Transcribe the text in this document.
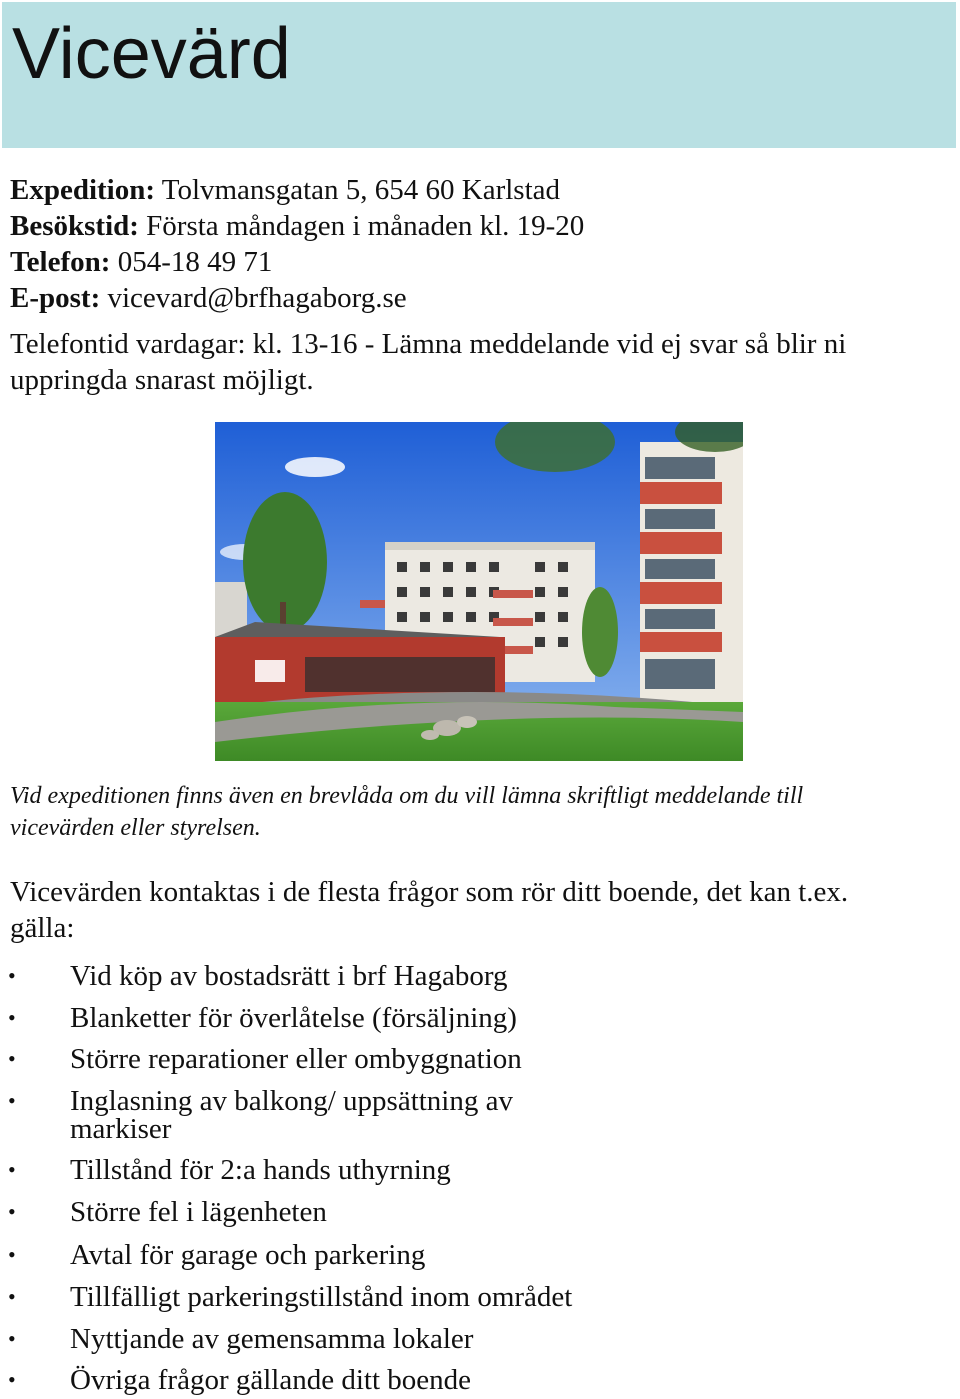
Vicevärd
Expedition: Tolvmansgatan 5, 654 60 Karlstad
Besökstid: Första måndagen i månaden kl. 19-20
Telefon: 054-18 49 71
E-post: vicevard@brfhagaborg.se
Telefontid vardagar: kl. 13-16 - Lämna meddelande vid ej svar så blir ni uppringda snarast möjligt.
Vid expeditionen finns även en brevlåda om du vill lämna skriftligt meddelande till vicevärden eller styrelsen.
Vicevärden kontaktas i de flesta frågor som rör ditt boende, det kan t.ex. gälla:
• Vid köp av bostadsrätt i brf Hagaborg
• Blanketter för överlåtelse (försäljning)
• Större reparationer eller ombyggnation
• Inglasning av balkong/ uppsättning av markiser
• Tillstånd för 2:a hands uthyrning
• Större fel i lägenheten
• Avtal för garage och parkering
• Tillfälligt parkeringstillstånd inom området
• Nyttjande av gemensamma lokaler
• Övriga frågor gällande ditt boende
